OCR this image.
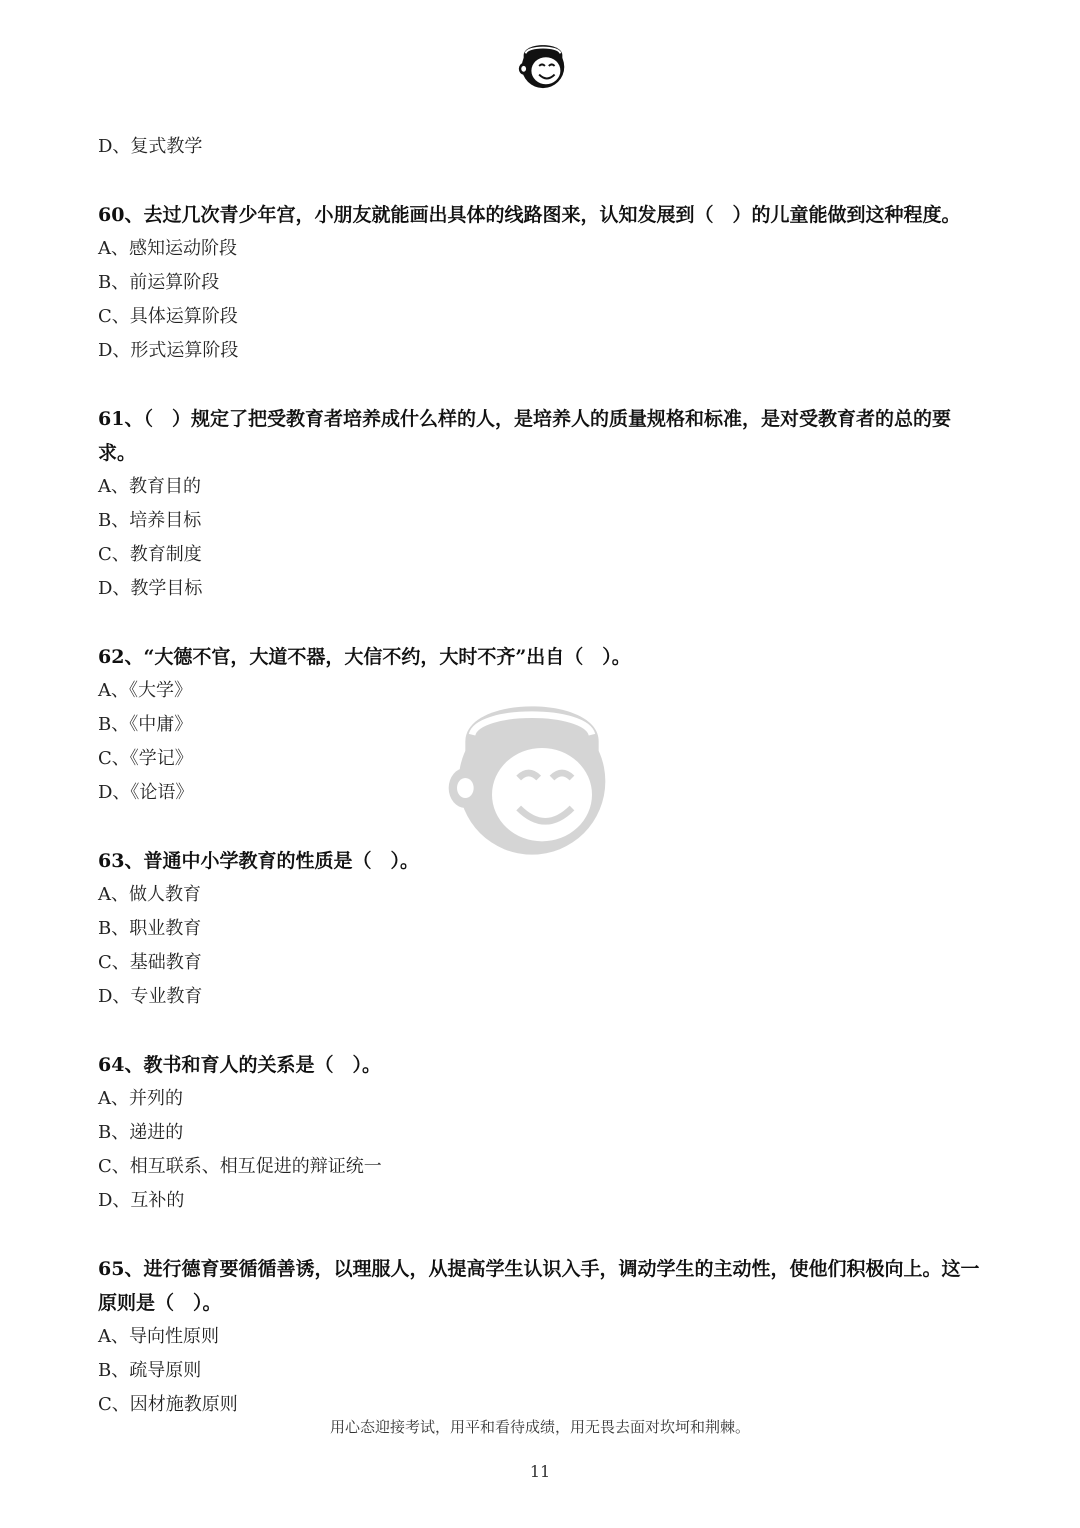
D、复式教学
60、去过几次青少年宫，小朋友就能画出具体的线路图来，认知发展到（　）的儿童能做到这种程度。
A、感知运动阶段
B、前运算阶段
C、具体运算阶段
D、形式运算阶段
61、（　）规定了把受教育者培养成什么样的人，是培养人的质量规格和标准，是对受教育者的总的要求。
A、教育目的
B、培养目标
C、教育制度
D、教学目标
62、“大德不官，大道不器，大信不约，大时不齐”出自（　）。
A、《大学》
B、《中庸》
C、《学记》
D、《论语》
63、普通中小学教育的性质是（　）。
A、做人教育
B、职业教育
C、基础教育
D、专业教育
64、教书和育人的关系是（　）。
A、并列的
B、递进的
C、相互联系、相互促进的辩证统一
D、互补的
65、进行德育要循循善诱，以理服人，从提高学生认识入手，调动学生的主动性，使他们积极向上。这一原则是（　）。
A、导向性原则
B、疏导原则
C、因材施教原则
用心态迎接考试，用平和看待成绩，用无畏去面对坎坷和荆棘。
11
